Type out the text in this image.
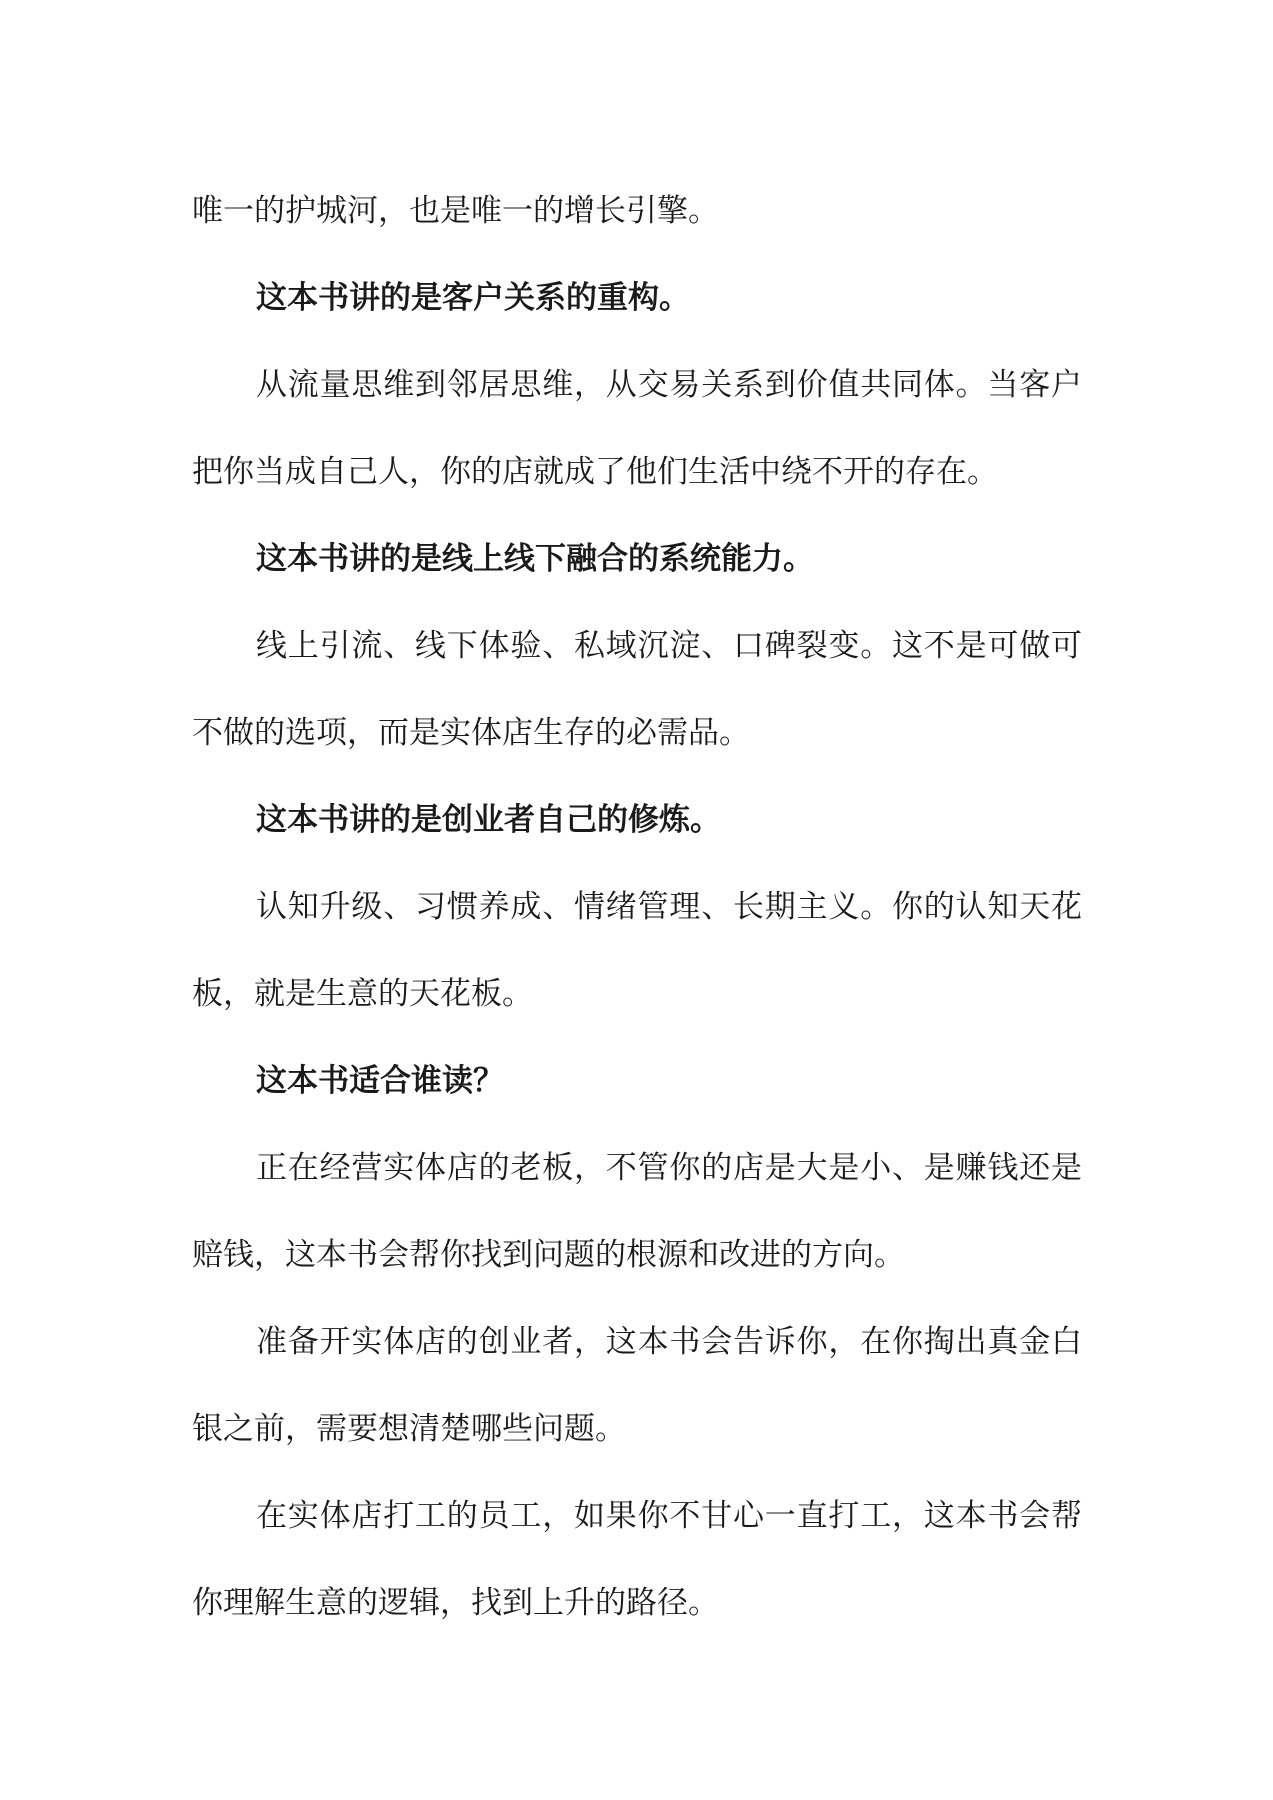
唯一的护城河，也是唯一的增长引擎。

这本书讲的是客户关系的重构。

从流量思维到邻居思维，从交易关系到价值共同体。当客户把你当成自己人，你的店就成了他们生活中绕不开的存在。

这本书讲的是线上线下融合的系统能力。

线上引流、线下体验、私域沉淀、口碑裂变。这不是可做可不做的选项，而是实体店生存的必需品。

这本书讲的是创业者自己的修炼。

认知升级、习惯养成、情绪管理、长期主义。你的认知天花板，就是生意的天花板。

这本书适合谁读？

正在经营实体店的老板，不管你的店是大是小、是赚钱还是赔钱，这本书会帮你找到问题的根源和改进的方向。

准备开实体店的创业者，这本书会告诉你，在你掏出真金白银之前，需要想清楚哪些问题。

在实体店打工的员工，如果你不甘心一直打工，这本书会帮你理解生意的逻辑，找到上升的路径。
